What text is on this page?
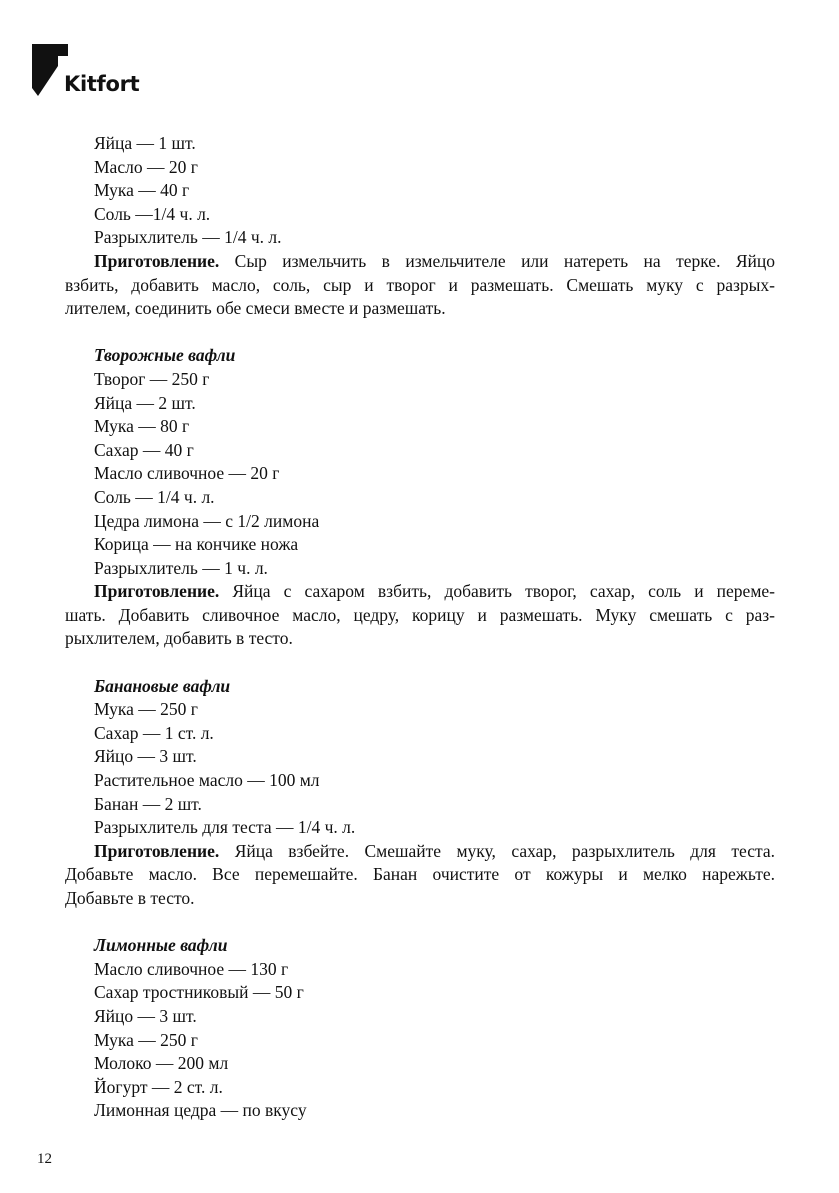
Kitfort

Яйца — 1 шт.

Масло — 20 г

Мука — 40 г

Соль —1/4 ч. л.

Разрыхлитель — 1/4 ч. л.

Приготовление. Сыр измельчить в измельчителе или натереть на терке. Яйцо
взбить, добавить масло, соль, сыр и творог и размешать. Смешать муку с разрых-
лителем, соединить обе смеси вместе и размешать.

Творожные вафли

Творог — 250 г

Яйца — 2 шт.

Мука — 80 г

Сахар — 40 г

Масло сливочное — 20 г

Соль — 1/4 ч. л.

Цедра лимона — с 1/2 лимона

Корица — на кончике ножа

Разрыхлитель — 1 ч. л.

Приготовление. Яйца с сахаром взбить, добавить творог, сахар, соль и переме-
шать. Добавить сливочное масло, цедру, корицу и размешать. Муку смешать с раз-
рыхлителем, добавить в тесто.

Банановые вафли

Мука — 250 г

Сахар — 1 ст. л.

Яйцо — 3 шт.

Растительное масло — 100 мл

Банан — 2 шт.

Разрыхлитель для теста — 1/4 ч. л.

Приготовление. Яйца взбейте. Смешайте муку, сахар, разрыхлитель для теста.
Добавьте масло. Все перемешайте. Банан очистите от кожуры и мелко нарежьте.
Добавьте в тесто.

Лимонные вафли

Масло сливочное — 130 г

Сахар тростниковый — 50 г

Яйцо — 3 шт.

Мука — 250 г

Молоко — 200 мл

Йогурт — 2 ст. л.

Лимонная цедра — по вкусу

12
